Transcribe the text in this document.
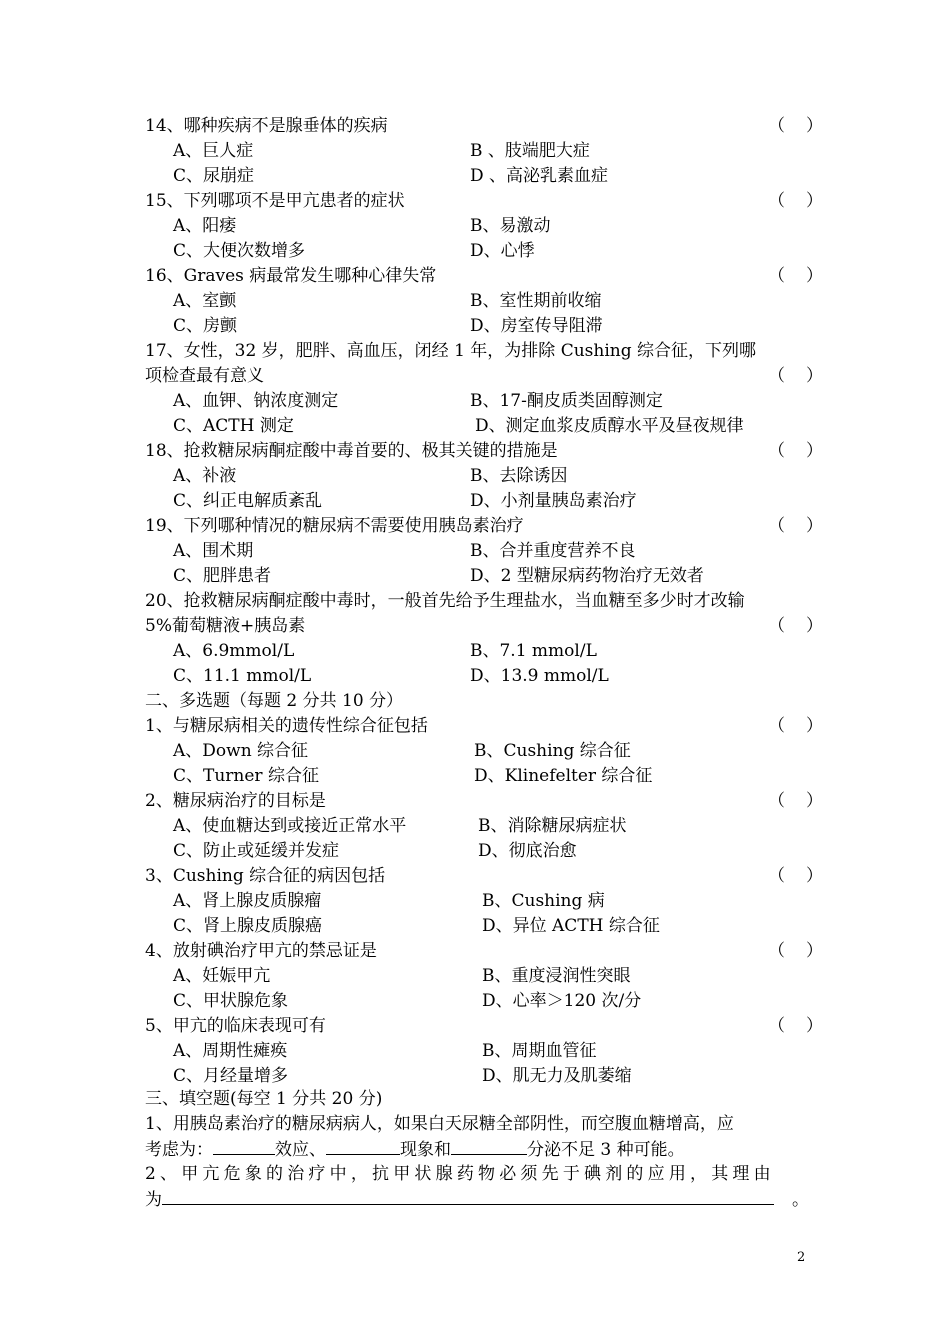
14、哪种疾病不是腺垂体的疾病	（　）
A、巨人症	B 、肢端肥大症
C、尿崩症	D 、高泌乳素血症
15、下列哪项不是甲亢患者的症状	（　）
A、阳痿	B、易激动
C、大便次数增多	D、心悸
16、Graves 病最常发生哪种心律失常	（　）
A、室颤	B、室性期前收缩
C、房颤	D、房室传导阻滞
17、女性，32 岁，肥胖、高血压，闭经 1 年，为排除 Cushing 综合征，下列哪
项检查最有意义	（　）
A、血钾、钠浓度测定	B、17-酮皮质类固醇测定
C、ACTH 测定	D、测定血浆皮质醇水平及昼夜规律
18、抢救糖尿病酮症酸中毒首要的、极其关键的措施是	（　）
A、补液	B、去除诱因
C、纠正电解质紊乱	D、小剂量胰岛素治疗
19、下列哪种情况的糖尿病不需要使用胰岛素治疗	（　）
A、围术期	B、合并重度营养不良
C、肥胖患者	D、2 型糖尿病药物治疗无效者
20、抢救糖尿病酮症酸中毒时，一般首先给予生理盐水，当血糖至多少时才改输
5%葡萄糖液+胰岛素	（　）
A、6.9mmol/L	B、7.1 mmol/L
C、11.1 mmol/L	D、13.9 mmol/L
二、多选题（每题 2 分共 10 分）
1、与糖尿病相关的遗传性综合征包括	（　）
A、Down 综合征	B、Cushing 综合征
C、Turner 综合征	D、Klinefelter 综合征
2、糖尿病治疗的目标是	（　）
A、使血糖达到或接近正常水平	B、消除糖尿病症状
C、防止或延缓并发症	D、彻底治愈
3、Cushing 综合征的病因包括	（　）
A、肾上腺皮质腺瘤	B、Cushing 病
C、肾上腺皮质腺癌	D、异位 ACTH 综合征
4、放射碘治疗甲亢的禁忌证是	（　）
A、妊娠甲亢	B、重度浸润性突眼
C、甲状腺危象	D、心率＞120 次/分
5、甲亢的临床表现可有	（　）
A、周期性瘫痪	B、周期血管征
C、月经量增多	D、肌无力及肌萎缩
三、填空题(每空 1 分共 20 分)
1、用胰岛素治疗的糖尿病病人，如果白天尿糖全部阴性，而空腹血糖增高，应
考虑为：	效应、	现象和	分泌不足 3 种可能。
2、甲亢危象的治疗中，抗甲状腺药物必须先于碘剂的应用，其理由
为	。
2
